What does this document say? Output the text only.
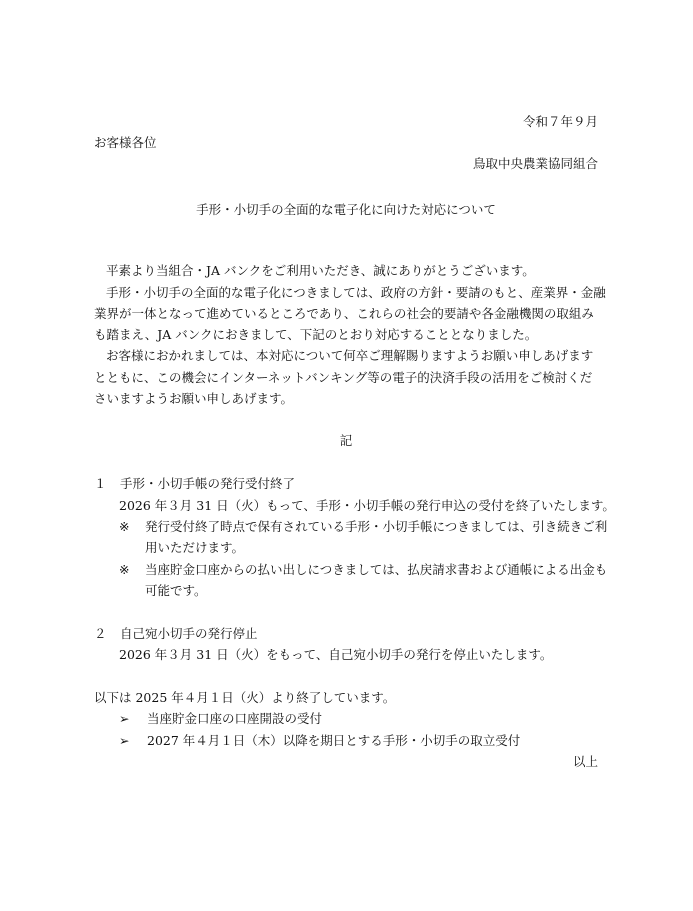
令和７年９月
お客様各位
鳥取中央農業協同組合
手形・小切手の全面的な電子化に向けた対応について
平素より当組合・JA バンクをご利用いただき、誠にありがとうございます。
手形・小切手の全面的な電子化につきましては、政府の方針・要請のもと、産業界・金融
業界が一体となって進めているところであり、これらの社会的要請や各金融機関の取組み
も踏まえ、JA バンクにおきまして、下記のとおり対応することとなりました。
お客様におかれましては、本対応について何卒ご理解賜りますようお願い申しあげます
とともに、この機会にインターネットバンキング等の電子的決済手段の活用をご検討くだ
さいますようお願い申しあげます。
記
１ 手形・小切手帳の発行受付終了
2026 年３月 31 日（火）もって、手形・小切手帳の発行申込の受付を終了いたします。
※ 発行受付終了時点で保有されている手形・小切手帳につきましては、引き続きご利
用いただけます。
※ 当座貯金口座からの払い出しにつきましては、払戻請求書および通帳による出金も
可能です。
２ 自己宛小切手の発行停止
2026 年３月 31 日（火）をもって、自己宛小切手の発行を停止いたします。
以下は 2025 年４月１日（火）より終了しています。
➢ 当座貯金口座の口座開設の受付
➢ 2027 年４月１日（木）以降を期日とする手形・小切手の取立受付
以上
